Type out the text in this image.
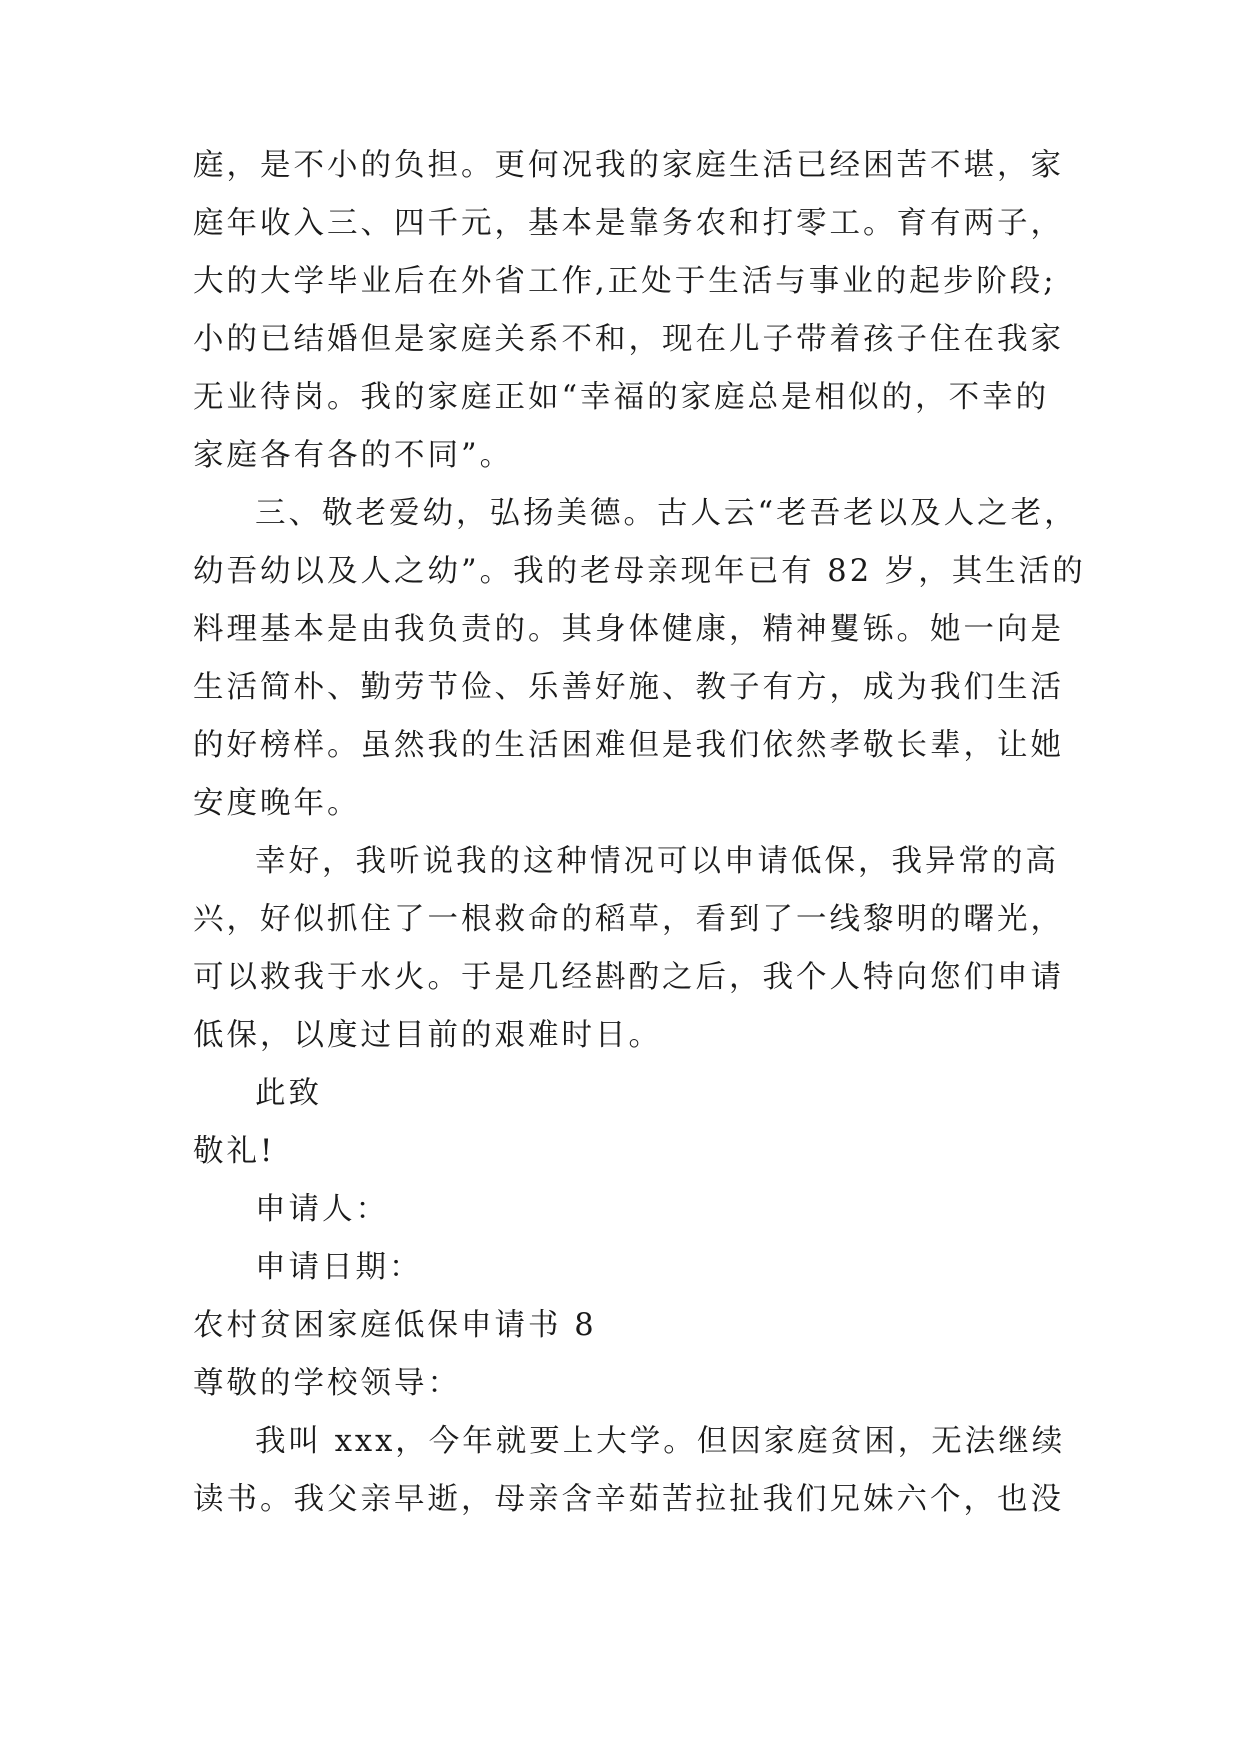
庭，是不小的负担。更何况我的家庭生活已经困苦不堪，家
庭年收入三、四千元，基本是靠务农和打零工。育有两子，
大的大学毕业后在外省工作,正处于生活与事业的起步阶段;
小的已结婚但是家庭关系不和，现在儿子带着孩子住在我家
无业待岗。我的家庭正如“幸福的家庭总是相似的，不幸的
家庭各有各的不同”。
三、敬老爱幼，弘扬美德。古人云“老吾老以及人之老，
幼吾幼以及人之幼”。我的老母亲现年已有 82 岁，其生活的
料理基本是由我负责的。其身体健康，精神矍铄。她一向是
生活简朴、勤劳节俭、乐善好施、教子有方，成为我们生活
的好榜样。虽然我的生活困难但是我们依然孝敬长辈，让她
安度晚年。
幸好，我听说我的这种情况可以申请低保，我异常的高
兴，好似抓住了一根救命的稻草，看到了一线黎明的曙光，
可以救我于水火。于是几经斟酌之后，我个人特向您们申请
低保，以度过目前的艰难时日。
此致
敬礼!
申请人：
申请日期：
农村贫困家庭低保申请书 8
尊敬的学校领导：
我叫 xxx，今年就要上大学。但因家庭贫困，无法继续
读书。我父亲早逝，母亲含辛茹苦拉扯我们兄妹六个，也没
